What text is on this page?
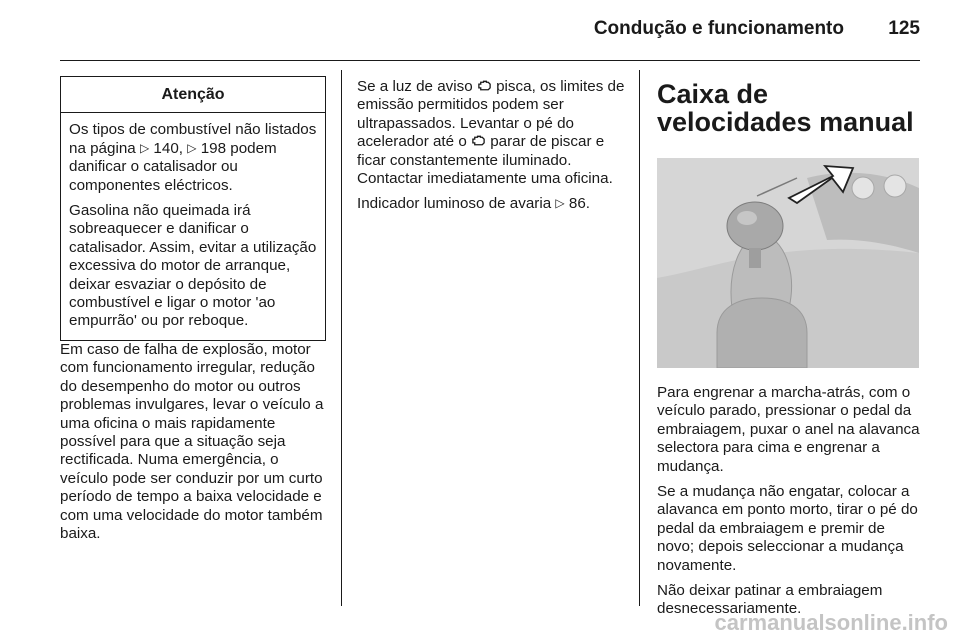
Condução e funcionamento 125
Atenção

Os tipos de combustível não listados na página ▷ 140, ▷ 198 podem danificar o catalisador ou componentes eléctricos.

Gasolina não queimada irá sobreaquecer e danificar o catalisador. Assim, evitar a utilização excessiva do motor de arranque, deixar esvaziar o depósito de combustível e ligar o motor 'ao empurrão' ou por reboque.

Em caso de falha de explosão, motor com funcionamento irregular, redução do desempenho do motor ou outros problemas invulgares, levar o veículo a uma oficina o mais rapidamente possível para que a situação seja rectificada. Numa emergência, o veículo pode ser conduzir por um curto período de tempo a baixa velocidade e com uma velocidade do motor também baixa.

Se a luz de aviso  pisca, os limites de emissão permitidos podem ser ultrapassados. Levantar o pé do acelerador até o  parar de piscar e ficar constantemente iluminado. Contactar imediatamente uma oficina.

Indicador luminoso de avaria ▷ 86.

Caixa de velocidades manual

Para engrenar a marcha-atrás, com o veículo parado, pressionar o pedal da embraiagem, puxar o anel na alavanca selectora para cima e engrenar a mudança.

Se a mudança não engatar, colocar a alavanca em ponto morto, tirar o pé do pedal da embraiagem e premir de novo; depois seleccionar a mudança novamente.

Não deixar patinar a embraiagem desnecessariamente.

carmanualsonline.info
